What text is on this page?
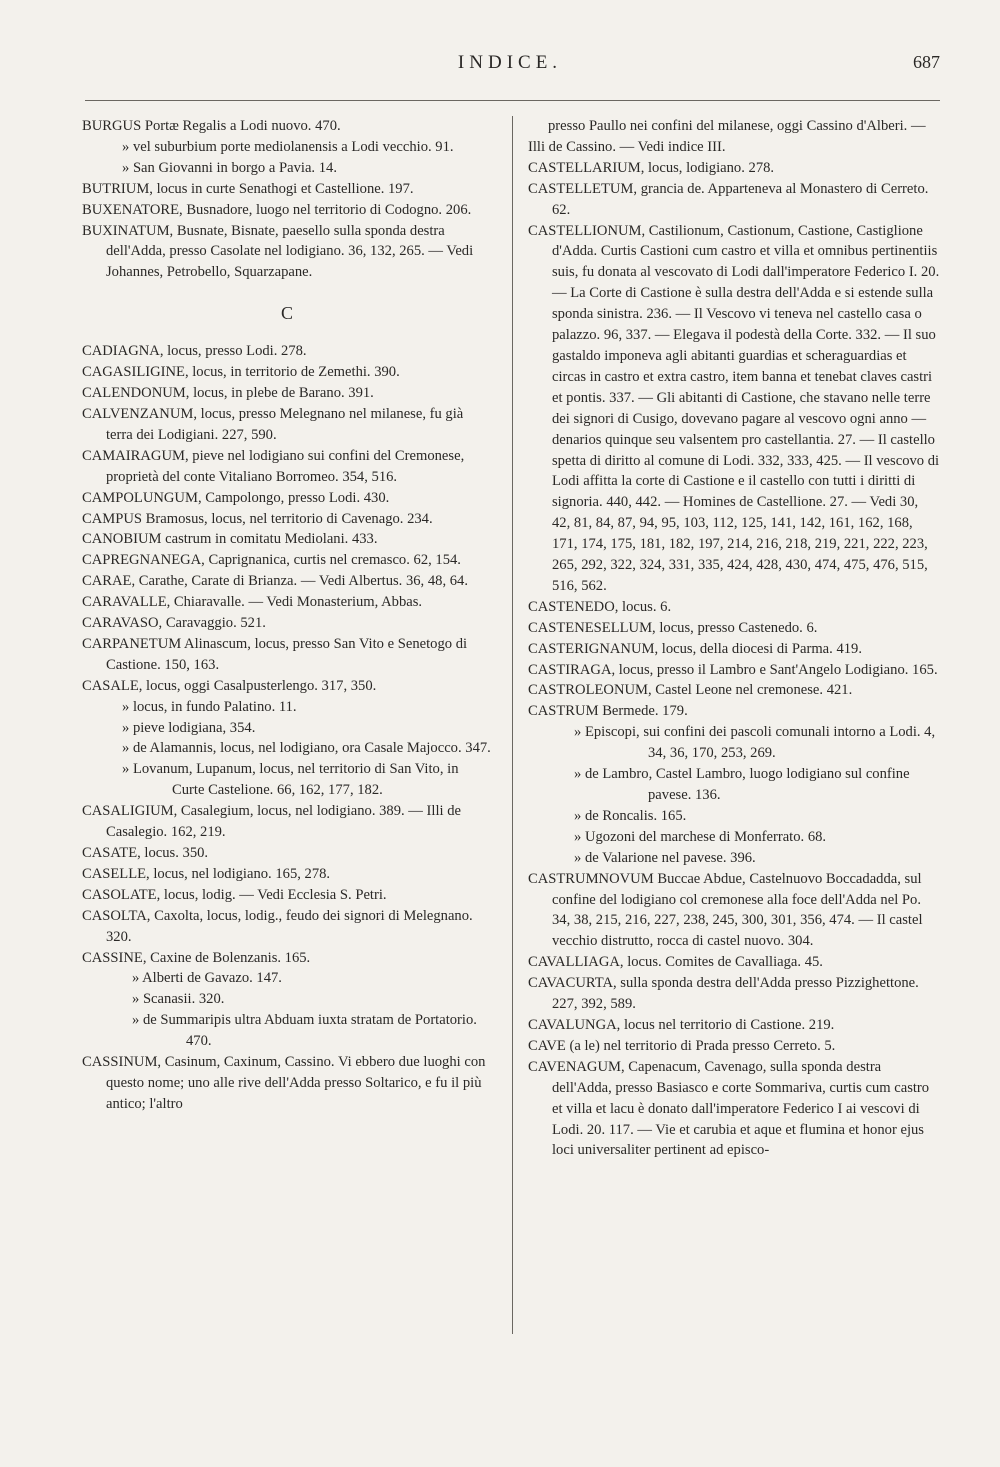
INDICE.	687
BURGUS Portæ Regalis a Lodi nuovo. 470.
» vel suburbium porte mediolanensis a Lodi vecchio. 91.
» San Giovanni in borgo a Pavia. 14.
BUTRIUM, locus in curte Senathogi et Castellione. 197.
BUXENATORE, Busnadore, luogo nel territorio di Codogno. 206.
BUXINATUM, Busnate, Bisnate, paesello sulla sponda destra dell'Adda, presso Casolate nel lodigiano. 36, 132, 265. — Vedi Johannes, Petrobello, Squarzapane.
C
CADIAGNA, locus, presso Lodi. 278.
CAGASILIGINE, locus, in territorio de Zemethi. 390.
CALENDONUM, locus, in plebe de Barano. 391.
CALVENZANUM, locus, presso Melegnano nel milanese, fu già terra dei Lodigiani. 227, 590.
CAMAIRAGUM, pieve nel lodigiano sui confini del Cremonese, proprietà del conte Vitaliano Borromeo. 354, 516.
CAMPOLUNGUM, Campolongo, presso Lodi. 430.
CAMPUS Bramosus, locus, nel territorio di Cavenago. 234.
CANOBIUM castrum in comitatu Mediolani. 433.
CAPREGNANEGA, Caprignanica, curtis nel cremasco. 62, 154.
CARAE, Carathe, Carate di Brianza. — Vedi Albertus. 36, 48, 64.
CARAVALLE, Chiaravalle. — Vedi Monasterium, Abbas.
CARAVASO, Caravaggio. 521.
CARPANETUM Alinascum, locus, presso San Vito e Senetogo di Castione. 150, 163.
CASALE, locus, oggi Casalpusterlengo. 317, 350.
» locus, in fundo Palatino. 11.
» pieve lodigiana, 354.
» de Alamannis, locus, nel lodigiano, ora Casale Majocco. 347.
» Lovanum, Lupanum, locus, nel territorio di San Vito, in Curte Castelione. 66, 162, 177, 182.
CASALIGIUM, Casalegium, locus, nel lodigiano. 389. — Illi de Casalegio. 162, 219.
CASATE, locus. 350.
CASELLE, locus, nel lodigiano. 165, 278.
CASOLATE, locus, lodig. — Vedi Ecclesia S. Petri.
CASOLTA, Caxolta, locus, lodig., feudo dei signori di Melegnano. 320.
CASSINE, Caxine de Bolenzanis. 165.
» Alberti de Gavazo. 147.
» Scanasii. 320.
» de Summaripis ultra Abduam iuxta stratam de Portatorio. 470.
CASSINUM, Casinum, Caxinum, Cassino. Vi ebbero due luoghi con questo nome; uno alle rive dell'Adda presso Soltarico, e fu il più antico; l'altro
presso Paullo nei confini del milanese, oggi Cassino d'Alberi. — Illi de Cassino. — Vedi indice III.
CASTELLARIUM, locus, lodigiano. 278.
CASTELLETUM, grancia de. Apparteneva al Monastero di Cerreto. 62.
CASTELLIONUM, Castilionum, Castionum, Castione, Castiglione d'Adda. Curtis Castioni cum castro et villa et omnibus pertinentiis suis, fu donata al vescovato di Lodi dall'imperatore Federico I. 20. — La Corte di Castione è sulla destra dell'Adda e si estende sulla sponda sinistra. 236. — Il Vescovo vi teneva nel castello casa o palazzo. 96, 337. — Elegava il podestà della Corte. 332. — Il suo gastaldo imponeva agli abitanti guardias et scheraguardias et circas in castro et extra castro, item banna et tenebat claves castri et pontis. 337. — Gli abitanti di Castione, che stavano nelle terre dei signori di Cusigo, dovevano pagare al vescovo ogni anno — denarios quinque seu valsentem pro castellantia. 27. — Il castello spetta di diritto al comune di Lodi. 332, 333, 425. — Il vescovo di Lodi affitta la corte di Castione e il castello con tutti i diritti di signoria. 440, 442. — Homines de Castellione. 27. — Vedi 30, 42, 81, 84, 87, 94, 95, 103, 112, 125, 141, 142, 161, 162, 168, 171, 174, 175, 181, 182, 197, 214, 216, 218, 219, 221, 222, 223, 265, 292, 322, 324, 331, 335, 424, 428, 430, 474, 475, 476, 515, 516, 562.
CASTENEDO, locus. 6.
CASTENESELLUM, locus, presso Castenedo. 6.
CASTERIGNANUM, locus, della diocesi di Parma. 419.
CASTIRAGA, locus, presso il Lambro e Sant'Angelo Lodigiano. 165.
CASTROLEONUM, Castel Leone nel cremonese. 421.
CASTRUM Bermede. 179.
» Episcopi, sui confini dei pascoli comunali intorno a Lodi. 4, 34, 36, 170, 253, 269.
» de Lambro, Castel Lambro, luogo lodigiano sul confine pavese. 136.
» de Roncalis. 165.
» Ugozoni del marchese di Monferrato. 68.
» de Valarione nel pavese. 396.
CASTRUMNOVUM Buccae Abdue, Castelnuovo Boccadadda, sul confine del lodigiano col cremonese alla foce dell'Adda nel Po. 34, 38, 215, 216, 227, 238, 245, 300, 301, 356, 474. — Il castel vecchio distrutto, rocca di castel nuovo. 304.
CAVALLIAGA, locus. Comites de Cavalliaga. 45.
CAVACURTA, sulla sponda destra dell'Adda presso Pizzighettone. 227, 392, 589.
CAVALUNGA, locus nel territorio di Castione. 219.
CAVE (a le) nel territorio di Prada presso Cerreto. 5.
CAVENAGUM, Capenacum, Cavenago, sulla sponda destra dell'Adda, presso Basiasco e corte Sommariva, curtis cum castro et villa et lacu è donato dall'imperatore Federico I ai vescovi di Lodi. 20. 117. — Vie et carubia et aque et flumina et honor ejus loci universaliter pertinent ad episco-
